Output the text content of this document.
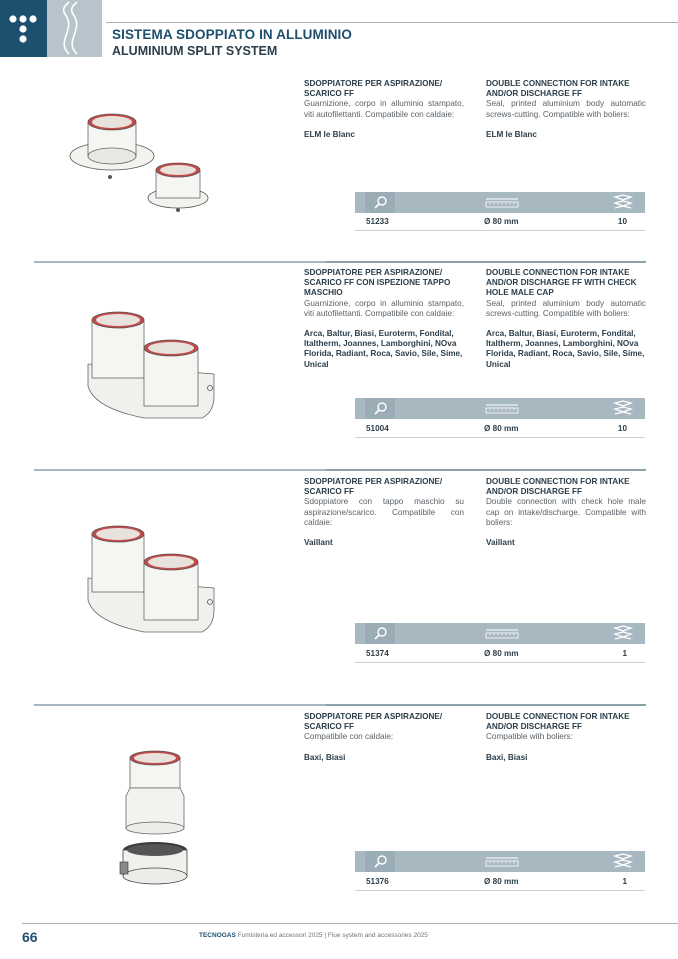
SISTEMA SDOPPIATO IN ALLUMINIO
ALUMINIUM SPLIT SYSTEM
SDOPPIATORE PER ASPIRAZIONE/ SCARICO FF
Guarnizione, corpo in alluminio stampato, viti autofilettanti. Compatibile con caldaie:
ELM le Blanc
DOUBLE CONNECTION FOR INTAKE AND/OR DISCHARGE FF
Seal, printed aluminium body automatic screws-cutting. Compatible with boliers:
ELM le Blanc
51233	Ø 80 mm	10
SDOPPIATORE PER ASPIRAZIONE/ SCARICO FF CON ISPEZIONE TAPPO MASCHIO
Guarnizione, corpo in alluminio stampato, viti autofilettanti. Compatibile con caldaie:
Arca, Baltur, Biasi, Euroterm, Fondital, Italtherm, Joannes, Lamborghini, NOva Florida, Radiant, Roca, Savio, Sile, Sime, Unical
DOUBLE CONNECTION FOR INTAKE AND/OR DISCHARGE FF WITH CHECK HOLE MALE CAP
Seal, printed aluminium body automatic screws-cutting. Compatible with boliers:
Arca, Baltur, Biasi, Euroterm, Fondital, Italtherm, Joannes, Lamborghini, NOva Florida, Radiant, Roca, Savio, Sile, Sime, Unical
51004	Ø 80 mm	10
SDOPPIATORE PER ASPIRAZIONE/ SCARICO FF
Sdoppiatore con tappo maschio su aspirazione/scarico. Compatibile con caldaie:
Vaillant
DOUBLE CONNECTION FOR INTAKE AND/OR DISCHARGE FF
Double connection with check hole male cap on intake/discharge. Compatible with boliers:
Vaillant
51374	Ø 80 mm	1
SDOPPIATORE PER ASPIRAZIONE/ SCARICO FF
Compatibile con caldaie:
Baxi, Biasi
DOUBLE CONNECTION FOR INTAKE AND/OR DISCHARGE FF
Compatible with boliers:
Baxi, Biasi
51376	Ø 80 mm	1
66	TECNOGAS Fumisteria ed accessori 2025 | Flue system and accessories 2025
